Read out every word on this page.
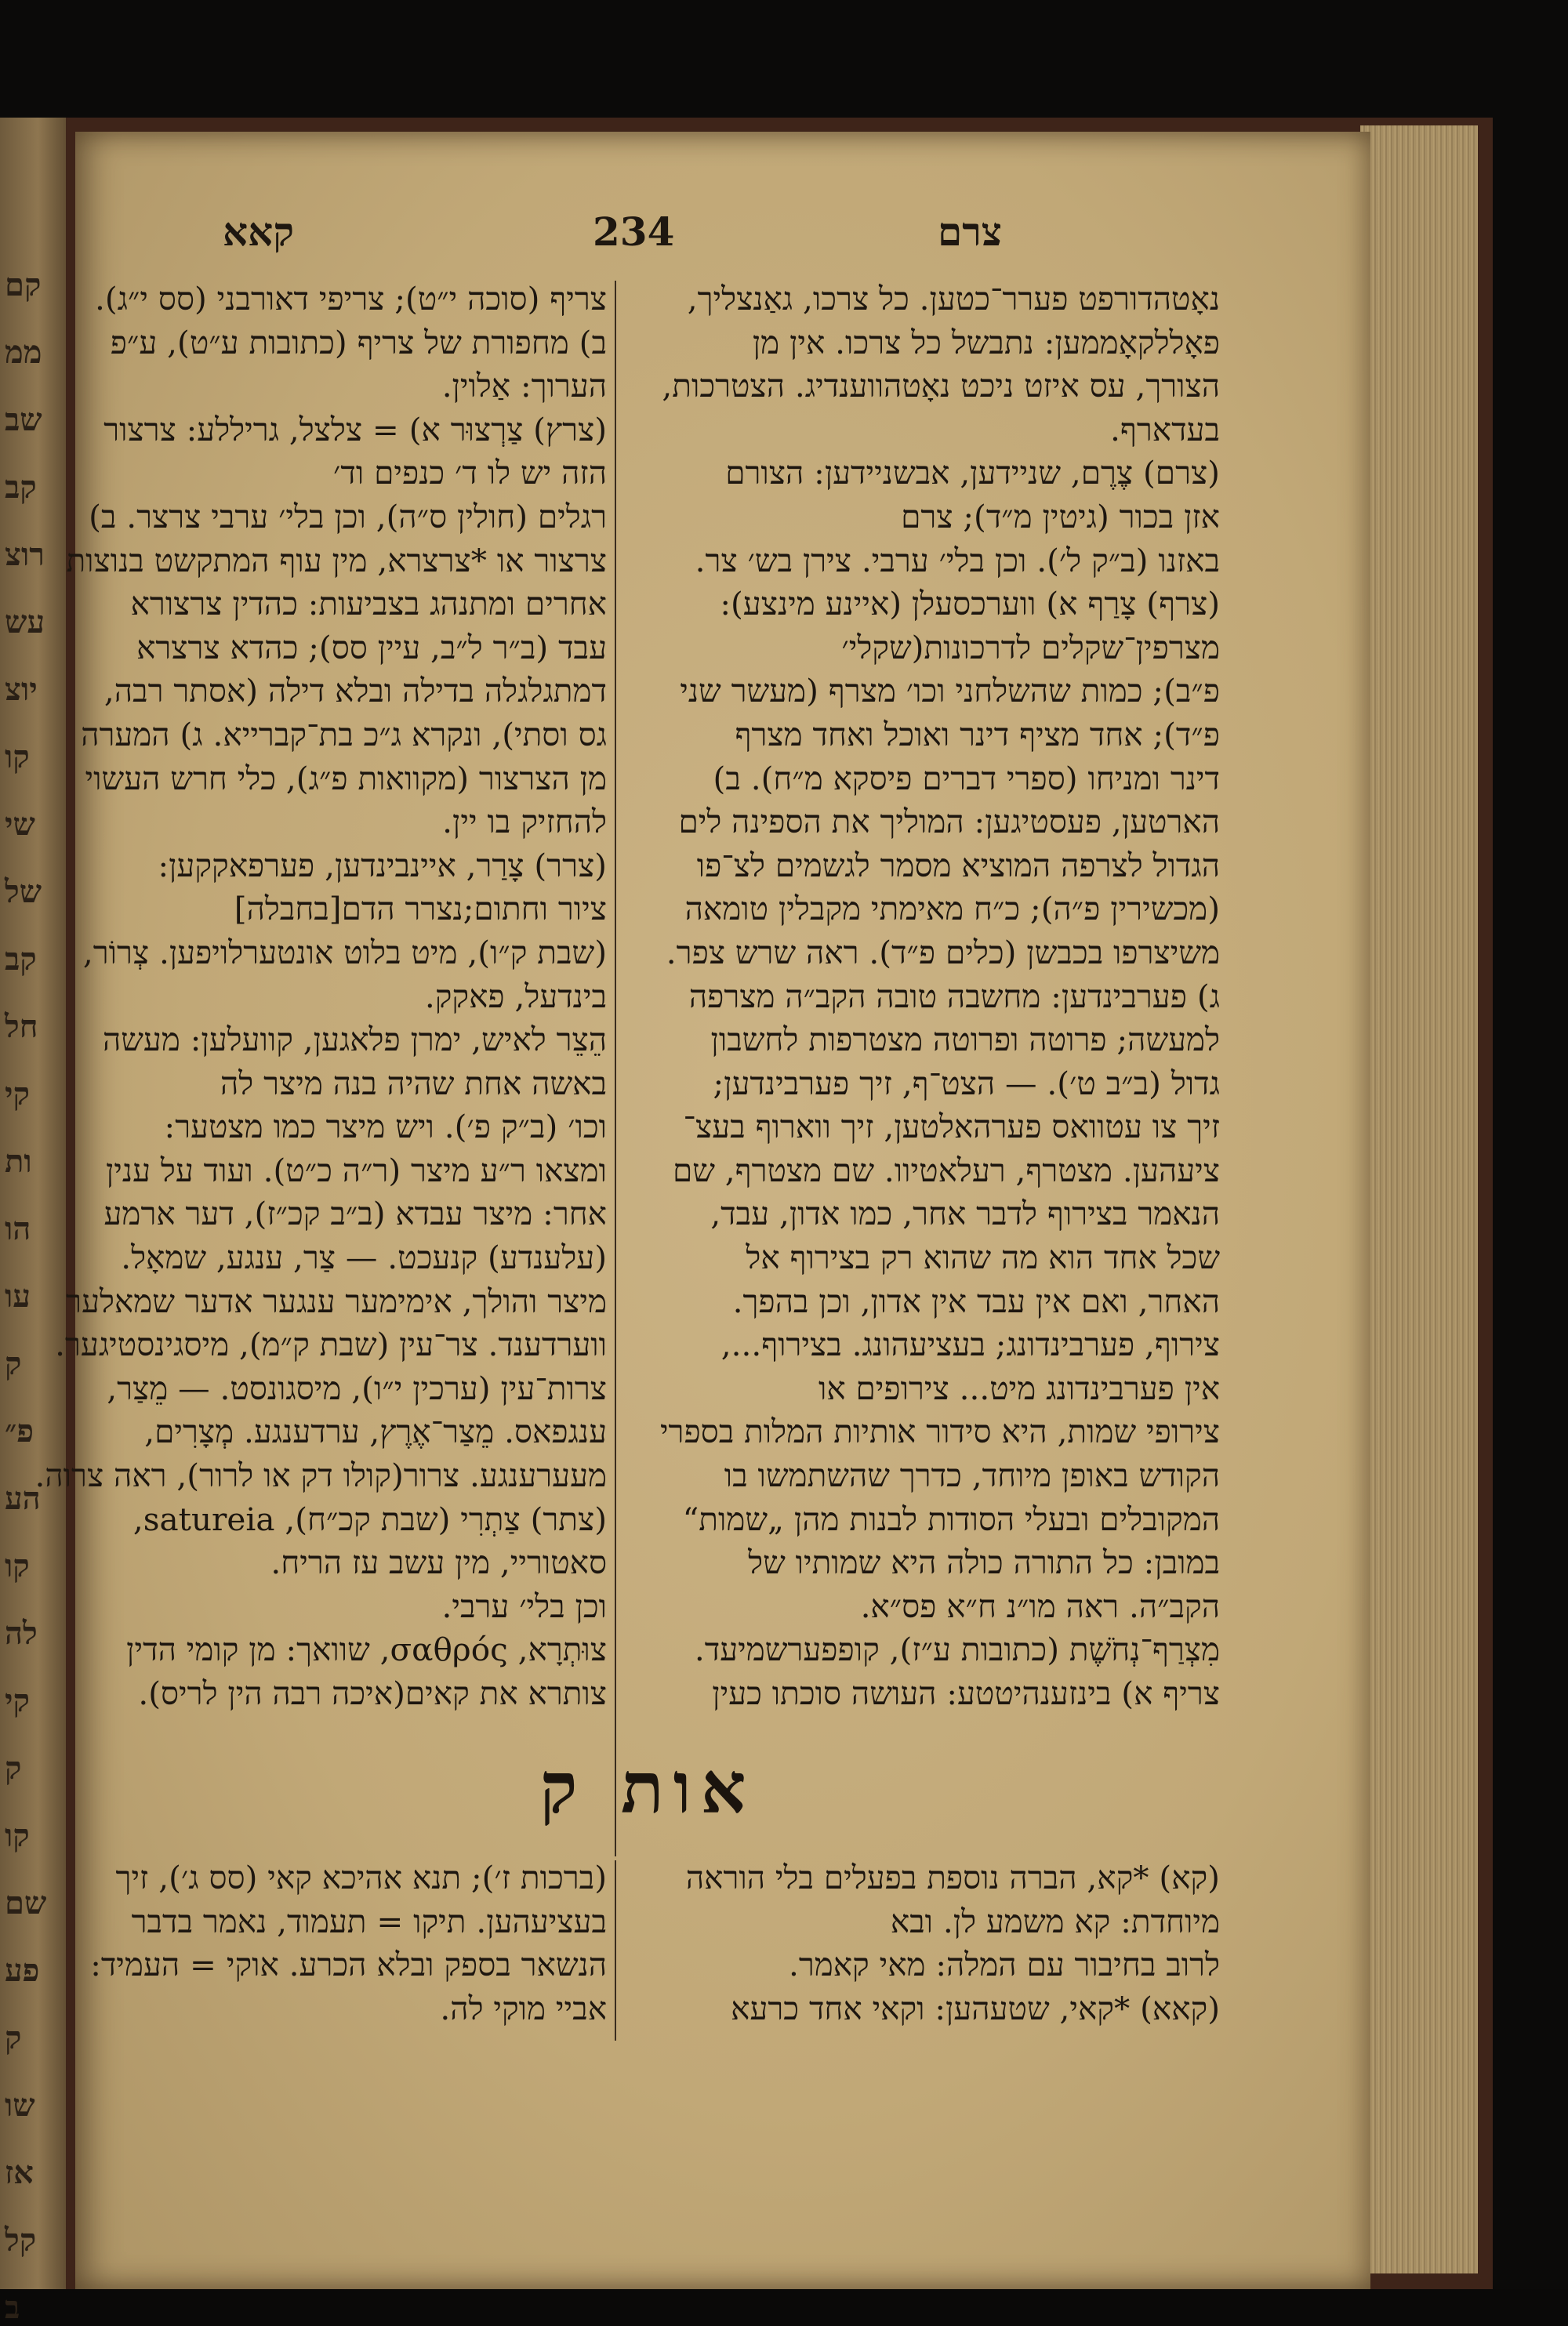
קם
ממ
שב
קב
רוצ
עש
יוצ
קו
שי
של
קב
חל
קי
ות
הו
עו
ק
פ״
הע
קו
לה
קי
ק
קו
שם
פע
ק
שו
אז
קל
ב
קאא	234	צרם
נאָטהדורפט פערר־כטען. כל צרכו, גאַנצליך,
פאָללקאָממען: נתבשל כל צרכו. אין מן
הצורך, עס איזט ניכט נאָטהווענדיג. הצטרכות,
בעדארף.
(צרם) צֶרֶם, שניידען, אבשניידען: הצורם
אזן בכור (גיטין מ״ד); צרם
באזנו (ב״ק ל׳). וכן בלי׳ ערבי. צירן בש׳ צר.
(צרף) צָרַף א) ווערכסעלן (איינע מינצע):
מצרפין־שקלים לדרכונות(שקלי׳
פ״ב); כמות שהשלחני וכו׳ מצרף (מעשר שני
פ״ד); אחד מציף דינר ואוכל ואחד מצרף
דינר ומניחו (ספרי דברים פיסקא מ״ח). ב)
הארטען, פעסטיגען: המוליך את הספינה לים
הגדול לצרפה המוציא מסמר לגשמים לצ־פו
(מכשירין פ״ה); כ״ח מאימתי מקבלין טומאה
משיצרפו בכבשן (כלים פ״ד). ראה שרש צפר.
ג) פערבינדען: מחשבה טובה הקב״ה מצרפה
למעשה; פרוטה ופרוטה מצטרפות לחשבון
גדול (ב״ב ט׳). — הצט־ף, זיך פערבינדען;
זיך צו עטוואס פערהאלטען, זיך ווארוף בעצ־
ציעהען. מצטרף, רעלאטיוו. שם מצטרף, שם
הנאמר בצירוף לדבר אחר, כמו אדון, עבד,
שכל אחד הוא מה שהוא רק בצירוף אל
האחר, ואם אין עבד אין אדון, וכן בהפך.
צירוף, פערבינדונג; בעציעהונג. בצירוף...,
אין פערבינדונג מיט... צירופים או
צירופי שמות, היא סידור אותיות המלות בספרי
הקודש באופן מיוחד, כדרך שהשתמשו בו
המקובלים ובעלי הסודות לבנות מהן „שמות“
במובן: כל התורה כולה היא שמותיו של
הקב״ה. ראה מו״נ ח״א פס״א.
מִצְרַף־נְחֹשֶׁת (כתובות ע״ז), קופפערשמיעד.
צריף א) בינזענהיטטע: העושה סוכתו כעין
צריף (סוכה י״ט); צריפי דאורבני (סס י״ג).
ב) מחפורת של צריף (כתובות ע״ט), ע״פ
הערוך: אַלוין.
(צרץ) צַרְצוּר א) = צלצל, גריללע: צרצור
הזה יש לו ד׳ כנפים וד׳
רגלים (חולין ס״ה), וכן בלי׳ ערבי צרצר. ב)
צרצור או *צרצרא, מין עוף המתקשט בנוצות
אחרים ומתנהג בצביעות: כהדין צרצורא
עבד (ב״ר ל״ב, עיין סס); כהדא צרצרא
דמתגלגלה בדילה ובלא דילה (אסתר רבה,
גס וסתי), ונקרא ג״כ בת־קברייא. ג) המערה
מן הצרצור (מקוואות פ״ג), כלי חרש העשוי
להחזיק בו יין.
(צרר) צָרַר, איינבינדען, פערפאקקען:
ציור וחתום;נצרר הדם[בחבלה]
(שבת ק״ו), מיט בלוט אונטערלויפען. צְרוֹר,
בינדעל, פאקק.
הֵצֵר לאיש, ימרן פלאגען, קוועלען: מעשה
באשה אחת שהיה בנה מיצר לה
וכו׳ (ב״ק פ׳). ויש מיצר כמו מצטער:
ומצאו ר״ע מיצר (ר״ה כ״ט). ועוד על ענין
אחר: מיצר עבדא (ב״ב קכ״ז), דער ארמע
(עלענדע) קנעכט. — צַר, ענגע, שמאָל.
מיצר והולך, אימימער ענגער אדער שמאלער
ווערדענד. צר־עין (שבת ק״מ), מיסגינסטיגער.
צרות־עין (ערכין י״ו), מיסגונסט. — מֵצַר,
ענגפאס. מֵצַר־אֶרֶץ, ערדענגע. מְצָרִים,
מעערענגע. צרור(קולו דק או לרור), ראה צרוה.
(צתר) צַתְרִי (שבת קכ״ח), satureia,
סאטוריי, מין עשב עז הריח.
וכן בלי׳ ערבי.
צוּתְרָא, σαθρός, שוואך: מן קומי הדין
צותרא את קאים(איכה רבה הין לריס).
אות ק
(קא) *קא, הברה נוספת בפעלים בלי הוראה
מיוחדת: קא משמע לן. ובא
לרוב בחיבור עם המלה: מאי קאמר.
(קאא) *קאי, שטעהען: וקאי אחד כרעא
(ברכות ז׳); תנא אהיכא קאי (סס ג׳), זיך
בעציעהען. תיקו = תעמוד, נאמר בדבר
הנשאר בספק ובלא הכרע. אוקי = העמיד:
אביי מוקי לה.
